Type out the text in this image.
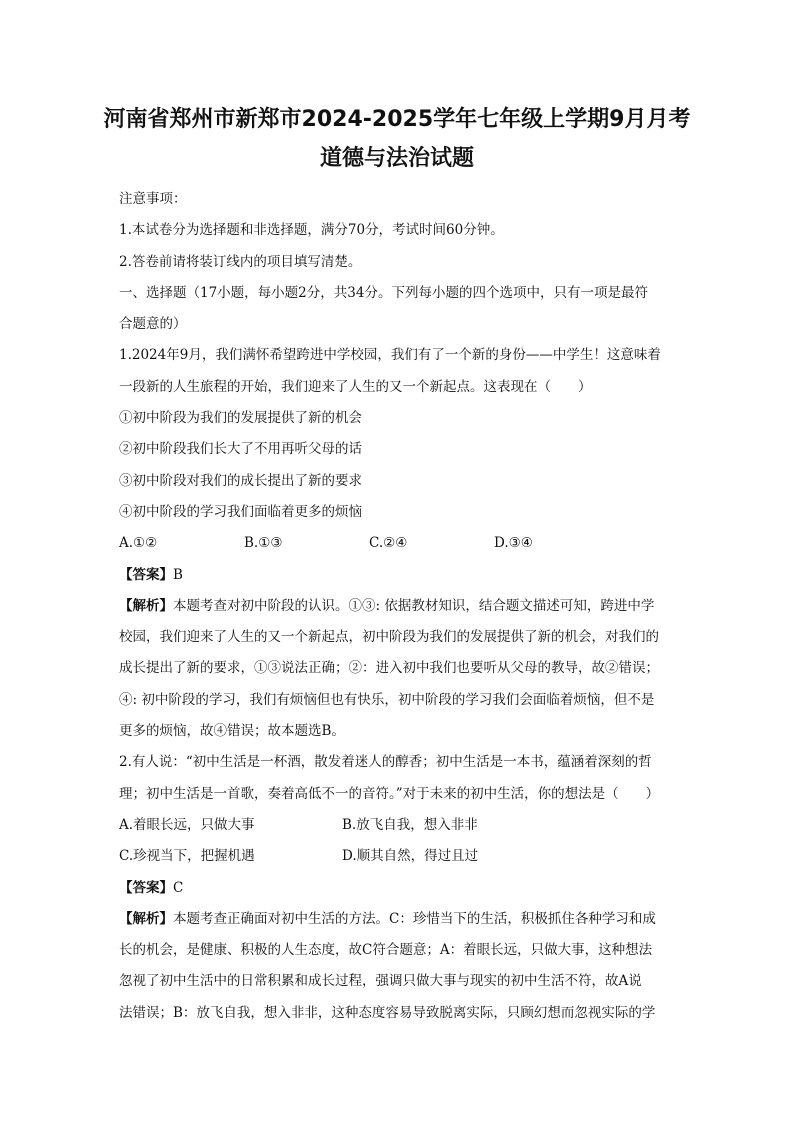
河南省郑州市新郑市2024-2025学年七年级上学期9月月考
道德与法治试题
注意事项：
1.本试卷分为选择题和非选择题，满分70分，考试时间60分钟。
2.答卷前请将装订线内的项目填写清楚。
一、选择题（17小题，每小题2分，共34分。下列每小题的四个选项中，只有一项是最符
合题意的）
1.2024年9月，我们满怀希望跨进中学校园，我们有了一个新的身份——中学生！这意味着
一段新的人生旅程的开始，我们迎来了人生的又一个新起点。这表现在（　　）
①初中阶段为我们的发展提供了新的机会
②初中阶段我们长大了不用再听父母的话
③初中阶段对我们的成长提出了新的要求
④初中阶段的学习我们面临着更多的烦恼
A.①②	B.①③	C.②④	D.③④
【答案】B
【解析】本题考查对初中阶段的认识。①③: 依据教材知识，结合题文描述可知，跨进中学
校园，我们迎来了人生的又一个新起点，初中阶段为我们的发展提供了新的机会，对我们的
成长提出了新的要求，①③说法正确；②：进入初中我们也要听从父母的教导，故②错误；
④: 初中阶段的学习，我们有烦恼但也有快乐，初中阶段的学习我们会面临着烦恼，但不是
更多的烦恼，故④错误；故本题选B。
2.有人说：“初中生活是一杯酒，散发着迷人的醇香；初中生活是一本书，蕴涵着深刻的哲
理；初中生活是一首歌，奏着高低不一的音符。”对于未来的初中生活，你的想法是（　　）
A.着眼长远，只做大事	B.放飞自我，想入非非
C.珍视当下，把握机遇	D.顺其自然，得过且过
【答案】C
【解析】本题考查正确面对初中生活的方法。C：珍惜当下的生活，积极抓住各种学习和成
长的机会，是健康、积极的人生态度，故C符合题意；A：着眼长远，只做大事，这种想法
忽视了初中生活中的日常积累和成长过程，强调只做大事与现实的初中生活不符，故A说
法错误；B：放飞自我，想入非非，这种态度容易导致脱离实际，只顾幻想而忽视实际的学
